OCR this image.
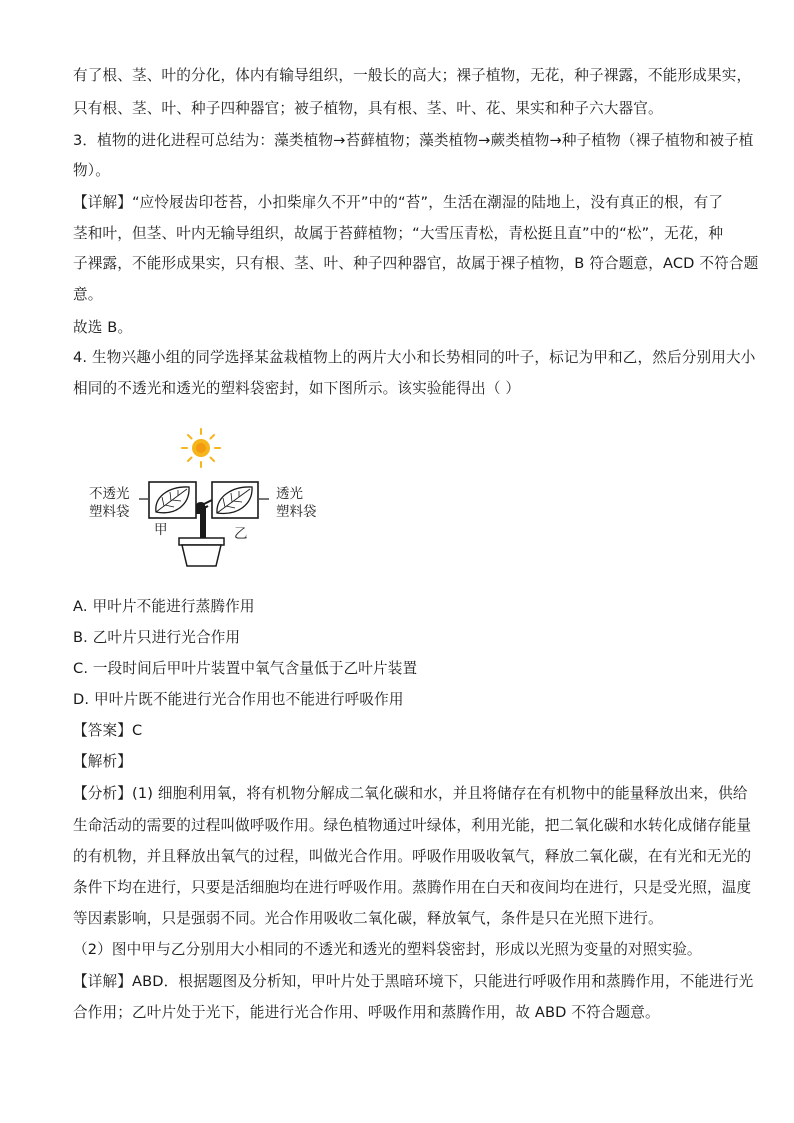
有了根、茎、叶的分化，体内有输导组织，一般长的高大；裸子植物，无花，种子裸露，不能形成果实，
只有根、茎、叶、种子四种器官；被子植物，具有根、茎、叶、花、果实和种子六大器官。
3．植物的进化进程可总结为：藻类植物→苔藓植物；藻类植物→蕨类植物→种子植物（裸子植物和被子植
物）。
【详解】“应怜屐齿印苍苔，小扣柴扉久不开”中的“苔”，生活在潮湿的陆地上，没有真正的根，有了
茎和叶，但茎、叶内无输导组织，故属于苔藓植物；“大雪压青松，青松挺且直”中的“松”，无花，种
子裸露，不能形成果实，只有根、茎、叶、种子四种器官，故属于裸子植物，B 符合题意，ACD 不符合题
意。
故选 B。
4. 生物兴趣小组的同学选择某盆栽植物上的两片大小和长势相同的叶子，标记为甲和乙，然后分别用大小
相同的不透光和透光的塑料袋密封，如下图所示。该实验能得出（ ）
不透光
塑料袋
透光
塑料袋
甲	乙
A. 甲叶片不能进行蒸腾作用
B. 乙叶片只进行光合作用
C. 一段时间后甲叶片装置中氧气含量低于乙叶片装置
D. 甲叶片既不能进行光合作用也不能进行呼吸作用
【答案】C
【解析】
【分析】(1) 细胞利用氧，将有机物分解成二氧化碳和水，并且将储存在有机物中的能量释放出来，供给
生命活动的需要的过程叫做呼吸作用。绿色植物通过叶绿体，利用光能，把二氧化碳和水转化成储存能量
的有机物，并且释放出氧气的过程，叫做光合作用。呼吸作用吸收氧气，释放二氧化碳，在有光和无光的
条件下均在进行，只要是活细胞均在进行呼吸作用。蒸腾作用在白天和夜间均在进行，只是受光照，温度
等因素影响，只是强弱不同。光合作用吸收二氧化碳，释放氧气，条件是只在光照下进行。
（2）图中甲与乙分别用大小相同的不透光和透光的塑料袋密封，形成以光照为变量的对照实验。
【详解】ABD．根据题图及分析知，甲叶片处于黑暗环境下，只能进行呼吸作用和蒸腾作用，不能进行光
合作用；乙叶片处于光下，能进行光合作用、呼吸作用和蒸腾作用，故 ABD 不符合题意。
